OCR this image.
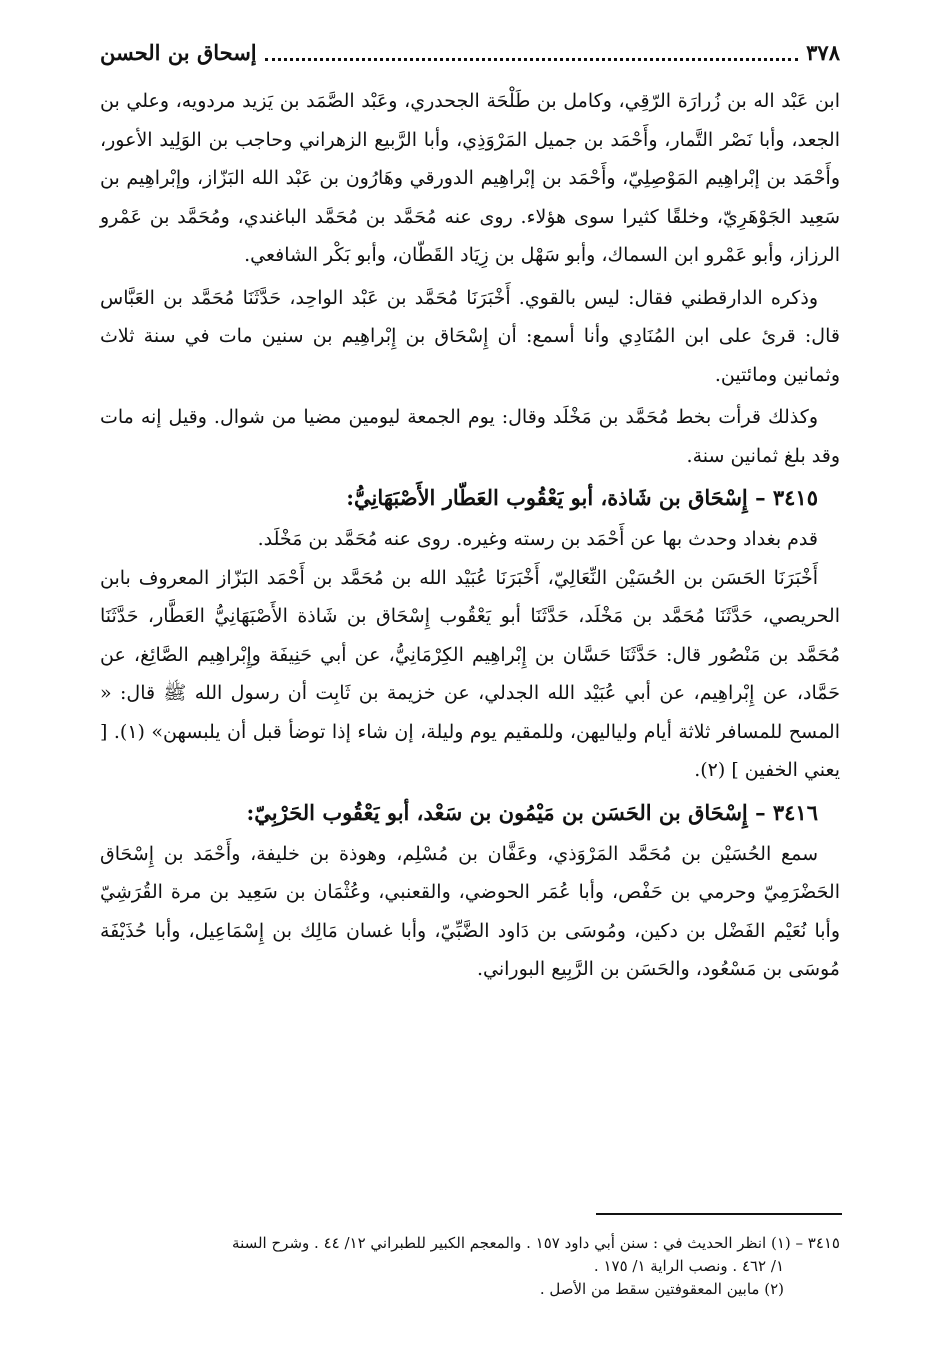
إسحاق بن الحسن	٣٧٨

ابن عَبْد اله بن زُرارَة الرّقِي، وكامل بن طَلْحَة الجحدري، وعَبْد الصَّمَد بن يَزيد مردويه، وعلي بن الجعد، وأبا نَصْر التَّمار، وأَحْمَد بن جميل المَرْوَذِي، وأبا الرَّبيع الزهراني وحاجب بن الوَلِيد الأعور، وأَحْمَد بن إبْراهِيم المَوْصِلِيّ، وأَحْمَد بن إبْراهِيم الدورقي وهَارُون بن عَبْد الله البَزّاز، وإبْراهِيم بن سَعِيد الجَوْهَرِيّ، وخلقًا كثيرا سوى هؤلاء. روى عنه مُحَمَّد بن مُحَمَّد الباغندي، ومُحَمَّد بن عَمْرو الرزاز، وأبو عَمْرو ابن السماك، وأبو سَهْل بن زِيَاد القَطّان، وأبو بَكْر الشافعي.

وذكره الدارقطني فقال: ليس بالقوي. أَخْبَرَنَا مُحَمَّد بن عَبْد الواحِد، حَدَّثَنَا مُحَمَّد بن العَبَّاس قال: قرئ على ابن المُنَادِي وأنا أسمع: أن إِسْحَاق بن إِبْراهِيم بن سنين مات في سنة ثلاث وثمانين ومائتين.

وكذلك قرأت بخط مُحَمَّد بن مَخْلَد وقال: يوم الجمعة ليومين مضيا من شوال. وقيل إنه مات وقد بلغ ثمانين سنة.

٣٤١٥ – إِسْحَاق بن شَاذة، أبو يَعْقُوب العَطّار الأَصْبَهَانِيُّ:

قدم بغداد وحدث بها عن أَحْمَد بن رسته وغيره. روى عنه مُحَمَّد بن مَخْلَد.

أَخْبَرَنَا الحَسَن بن الحُسَيْن النِّعَالِيّ، أَخْبَرَنَا عُبَيْد الله بن مُحَمَّد بن أَحْمَد البَزّاز المعروف بابن الحريصي، حَدَّثَنَا مُحَمَّد بن مَخْلَد، حَدَّثَنَا أبو يَعْقُوب إِسْحَاق بن شَاذة الأَصْبَهَانِيُّ العَطَّار، حَدَّثَنَا مُحَمَّد بن مَنْصُور قال: حَدَّثَنَا حَسَّان بن إِبْراهِيم الكِرْمَانِيُّ، عن أبي حَنِيفَة وإِبْراهِيم الصَّائِغ، عن حَمَّاد، عن إِبْراهِيم، عن أبي عُبَيْد الله الجدلي، عن خزيمة بن ثَابِت أن رسول الله ﷺ قال: « المسح للمسافر ثلاثة أيام ولياليهن، وللمقيم يوم وليلة، إن شاء إذا توضأ قبل أن يلبسهن» (١). [ يعني الخفين ] (٢).

٣٤١٦ – إِسْحَاق بن الحَسَن بن مَيْمُون بن سَعْد، أبو يَعْقُوب الحَرْبِيّ:

سمع الحُسَيْن بن مُحَمَّد المَرْوَذي، وعَفَّان بن مُسْلِم، وهوذة بن خليفة، وأَحْمَد بن إِسْحَاق الحَضْرَمِيّ وحرمي بن حَفْص، وأبا عُمَر الحوضي، والقعنبي، وعُثْمَان بن سَعِيد بن مرة القُرَشِيّ وأبا نُعَيْم الفَضْل بن دكين، ومُوسَى بن دَاود الضَّبِّيّ، وأبا غسان مَالِك بن إِسْمَاعِيل، وأبا حُذَيْفَة مُوسَى بن مَسْعُود، والحَسَن بن الرَّبِيع البوراني.

٣٤١٥ – (١) انظر الحديث في : سنن أبي داود ١٥٧ . والمعجم الكبير للطبراني ١٢/ ٤٤ . وشرح السنة

١/ ٤٦٢ . ونصب الراية ١/ ١٧٥ .

(٢) مابين المعقوفتين سقط من الأصل .
